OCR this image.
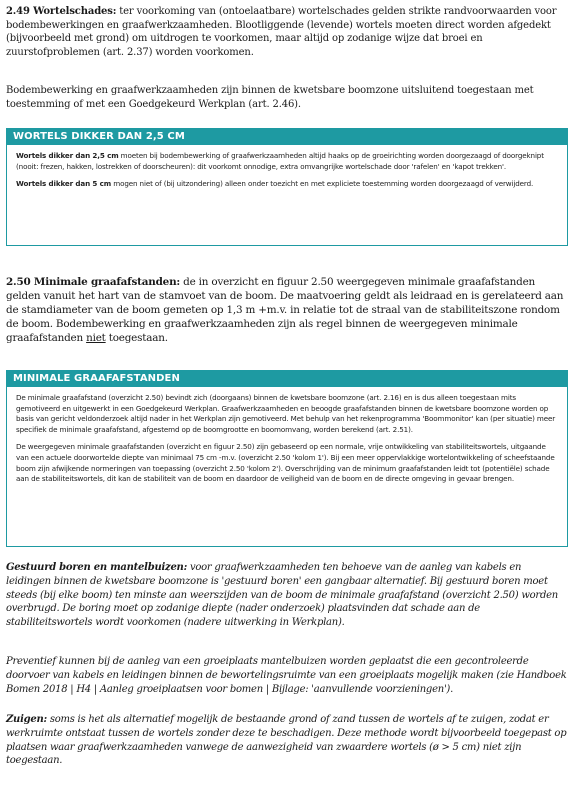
2.49 Wortelschades: ter voorkoming van (ontoelaatbare) wortelschades gelden strikte randvoorwaarden voor bodembewerkingen en graafwerkzaamheden. Blootliggende (levende) wortels moeten direct worden afgedekt (bijvoorbeeld met grond) om uitdrogen te voorkomen, maar altijd op zodanige wijze dat broei en zuurstofproblemen (art. 2.37) worden voorkomen.

Bodembewerking en graafwerkzaamheden zijn binnen de kwetsbare boomzone uitsluitend toegestaan met toestemming of met een Goedgekeurd Werkplan (art. 2.46).

WORTELS DIKKER DAN 2,5 CM

Wortels dikker dan 2,5 cm moeten bij bodembewerking of graafwerkzaamheden altijd haaks op de groeirichting worden doorgezaagd of doorgeknipt (nooit: frezen, hakken, lostrekken of doorscheuren): dit voorkomt onnodige, extra omvangrijke wortelschade door 'rafelen' en 'kapot trekken'.

Wortels dikker dan 5 cm mogen niet of (bij uitzondering) alleen onder toezicht en met expliciete toestemming worden doorgezaagd of verwijderd.

2.50 Minimale graafafstanden: de in overzicht en figuur 2.50 weergegeven minimale graafafstanden gelden vanuit het hart van de stamvoet van de boom. De maatvoering geldt als leidraad en is gerelateerd aan de stamdiameter van de boom gemeten op 1,3 m +m.v. in relatie tot de straal van de stabiliteitszone rondom de boom. Bodembewerking en graafwerkzaamheden zijn als regel binnen de weergegeven minimale graafafstanden niet toegestaan.

MINIMALE GRAAFAFSTANDEN

De minimale graafafstand (overzicht 2.50) bevindt zich (doorgaans) binnen de kwetsbare boomzone (art. 2.16) en is dus alleen toegestaan mits gemotiveerd en uitgewerkt in een Goedgekeurd Werkplan. Graafwerkzaamheden en beoogde graafafstanden binnen de kwetsbare boomzone worden op basis van gericht veldonderzoek altijd nader in het Werkplan zijn gemotiveerd. Met behulp van het rekenprogramma 'Boommonitor' kan (per situatie) meer specifiek de minimale graafafstand, afgestemd op de boomgrootte en boomomvang, worden berekend (art. 2.51).

De weergegeven minimale graafafstanden (overzicht en figuur 2.50) zijn gebaseerd op een normale, vrije ontwikkeling van stabiliteitswortels, uitgaande van een actuele doorwortelde diepte van minimaal 75 cm -m.v. (overzicht 2.50 'kolom 1'). Bij een meer oppervlakkige wortelontwikkeling of scheefstaande boom zijn afwijkende normeringen van toepassing (overzicht 2.50 'kolom 2'). Overschrijding van de minimum graafafstanden leidt tot (potentiële) schade aan de stabiliteitswortels, dit kan de stabiliteit van de boom en daardoor de veiligheid van de boom en de directe omgeving in gevaar brengen.

Gestuurd boren en mantelbuizen: voor graafwerkzaamheden ten behoeve van de aanleg van kabels en leidingen binnen de kwetsbare boomzone is 'gestuurd boren' een gangbaar alternatief. Bij gestuurd boren moet steeds (bij elke boom) ten minste aan weerszijden van de boom de minimale graafafstand (overzicht 2.50) worden overbrugd. De boring moet op zodanige diepte (nader onderzoek) plaatsvinden dat schade aan de stabiliteitswortels wordt voorkomen (nadere uitwerking in Werkplan).

Preventief kunnen bij de aanleg van een groeiplaats mantelbuizen worden geplaatst die een gecontroleerde doorvoer van kabels en leidingen binnen de bewortelingsruimte van een groeiplaats mogelijk maken (zie Handboek Bomen 2018 | H4 | Aanleg groeiplaatsen voor bomen | Bijlage: 'aanvullende voorzieningen').

Zuigen: soms is het als alternatief mogelijk de bestaande grond of zand tussen de wortels af te zuigen, zodat er werkruimte ontstaat tussen de wortels zonder deze te beschadigen. Deze methode wordt bijvoorbeeld toegepast op plaatsen waar graafwerkzaamheden vanwege de aanwezigheid van zwaardere wortels (ø > 5 cm) niet zijn toegestaan.
